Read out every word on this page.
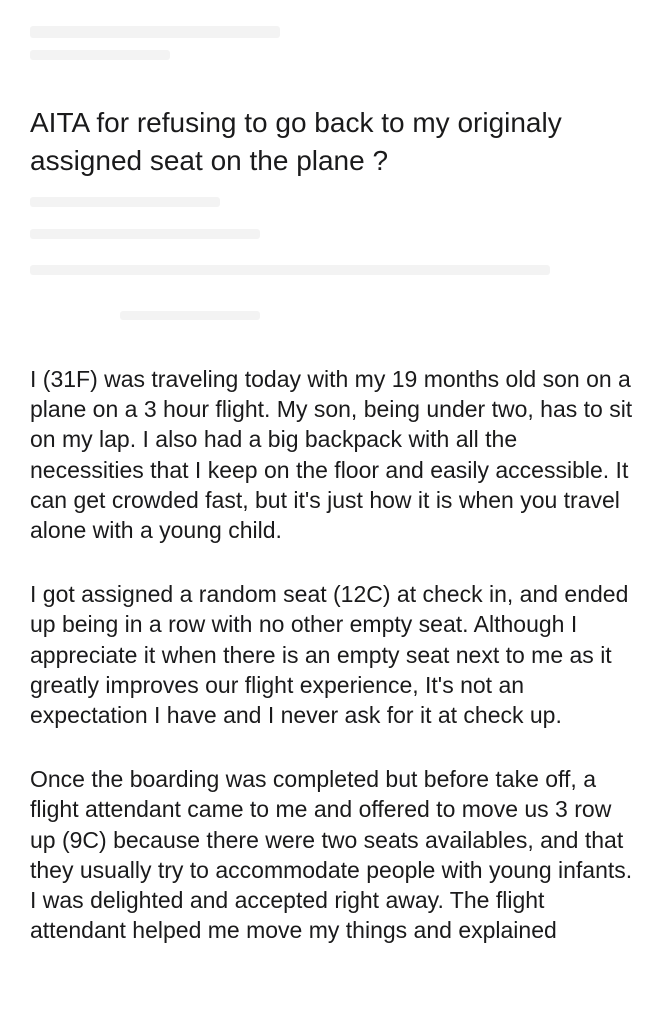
AITA for refusing to go back to my originaly assigned seat on the plane ?

I (31F) was traveling today with my 19 months old son on a plane on a 3 hour flight. My son, being under two, has to sit on my lap. I also had a big backpack with all the necessities that I keep on the floor and easily accessible. It can get crowded fast, but it's just how it is when you travel alone with a young child.

I got assigned a random seat (12C) at check in, and ended up being in a row with no other empty seat. Although I appreciate it when there is an empty seat next to me as it greatly improves our flight experience, It's not an expectation I have and I never ask for it at check up.

Once the boarding was completed but before take off, a flight attendant came to me and offered to move us 3 row up (9C) because there were two seats availables, and that they usually try to accommodate people with young infants. I was delighted and accepted right away. The flight attendant helped me move my things and explained
